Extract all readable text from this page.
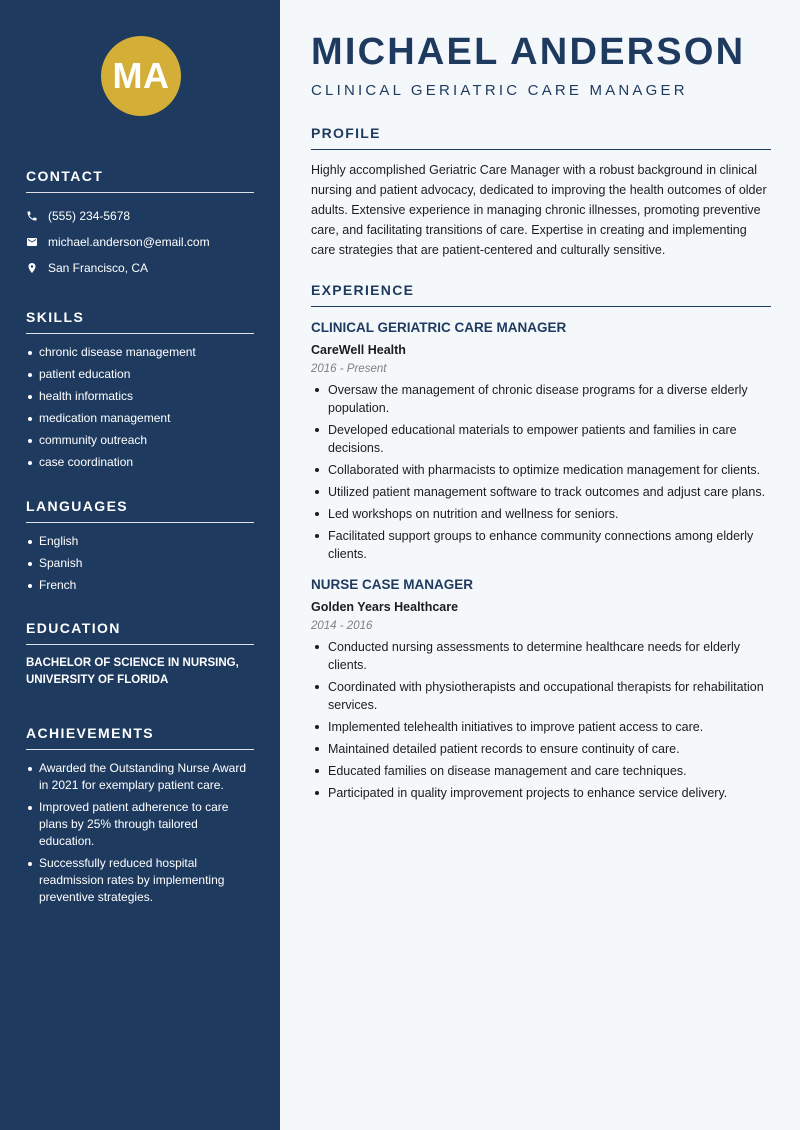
MA
CONTACT
(555) 234-5678
michael.anderson@email.com
San Francisco, CA
SKILLS
chronic disease management
patient education
health informatics
medication management
community outreach
case coordination
LANGUAGES
English
Spanish
French
EDUCATION
BACHELOR OF SCIENCE IN NURSING,
UNIVERSITY OF FLORIDA
ACHIEVEMENTS
Awarded the Outstanding Nurse Award in 2021 for exemplary patient care.
Improved patient adherence to care plans by 25% through tailored education.
Successfully reduced hospital readmission rates by implementing preventive strategies.
MICHAEL ANDERSON
CLINICAL GERIATRIC CARE MANAGER
PROFILE

Highly accomplished Geriatric Care Manager with a robust background in clinical nursing and patient advocacy, dedicated to improving the health outcomes of older adults. Extensive experience in managing chronic illnesses, promoting preventive care, and facilitating transitions of care. Expertise in creating and implementing care strategies that are patient-centered and culturally sensitive.

EXPERIENCE
CLINICAL GERIATRIC CARE MANAGER
CareWell Health
2016 - Present
Oversaw the management of chronic disease programs for a diverse elderly population.
Developed educational materials to empower patients and families in care decisions.
Collaborated with pharmacists to optimize medication management for clients.
Utilized patient management software to track outcomes and adjust care plans.
Led workshops on nutrition and wellness for seniors.
Facilitated support groups to enhance community connections among elderly clients.
NURSE CASE MANAGER
Golden Years Healthcare
2014 - 2016
Conducted nursing assessments to determine healthcare needs for elderly clients.
Coordinated with physiotherapists and occupational therapists for rehabilitation services.
Implemented telehealth initiatives to improve patient access to care.
Maintained detailed patient records to ensure continuity of care.
Educated families on disease management and care techniques.
Participated in quality improvement projects to enhance service delivery.
